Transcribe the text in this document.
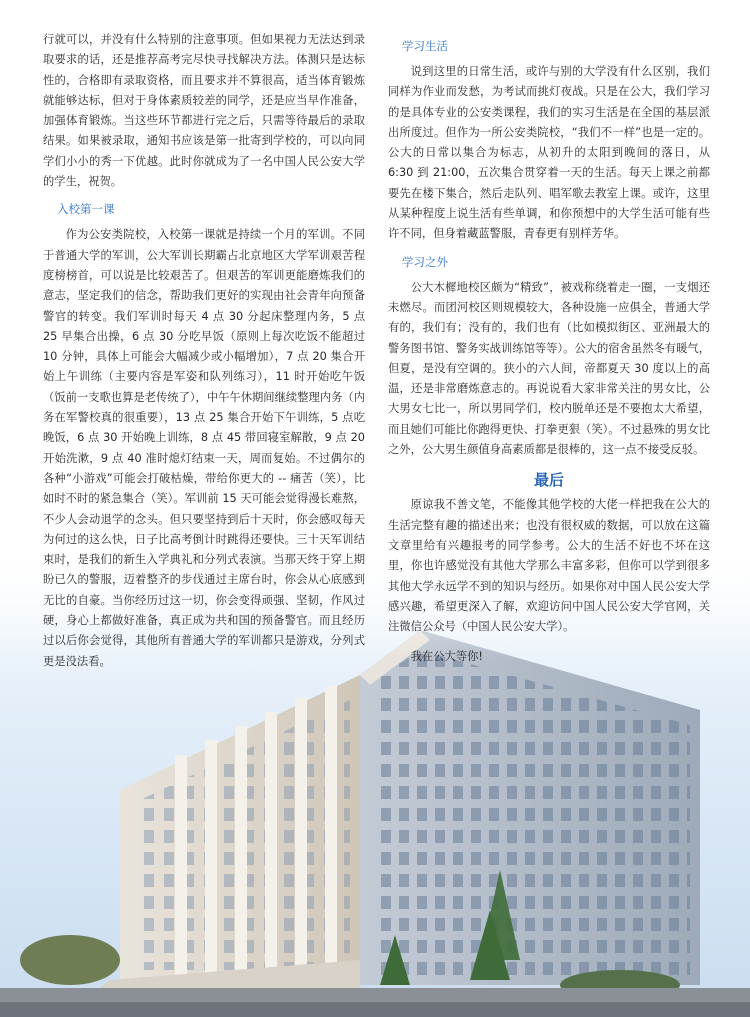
行就可以，并没有什么特别的注意事项。但如果视力无法达到录取要求的话，还是推荐高考完尽快寻找解决方法。体测只是达标性的，合格即有录取资格，而且要求并不算很高，适当体育锻炼就能够达标，但对于身体素质较差的同学，还是应当早作准备，加强体育锻炼。当这些环节都进行完之后，只需等待最后的录取结果。如果被录取，通知书应该是第一批寄到学校的，可以向同学们小小的秀一下优越。此时你就成为了一名中国人民公安大学的学生，祝贺。

入校第一课

作为公安类院校，入校第一课就是持续一个月的军训。不同于普通大学的军训，公大军训长期霸占北京地区大学军训艰苦程度榜榜首，可以说是比较艰苦了。但艰苦的军训更能磨炼我们的意志，坚定我们的信念，帮助我们更好的实现由社会青年向预备警官的转变。我们军训时每天 4 点 30 分起床整理内务，5 点 25 早集合出操，6 点 30 分吃早饭（原则上每次吃饭不能超过 10 分钟，具体上可能会大幅减少或小幅增加），7 点 20 集合开始上午训练（主要内容是军姿和队列练习），11 时开始吃午饭（饭前一支歌也算是老传统了），中午午休期间继续整理内务（内务在军警校真的很重要），13 点 25 集合开始下午训练，5 点吃晚饭，6 点 30 开始晚上训练，8 点 45 带回寝室解散，9 点 20 开始洗漱，9 点 40 准时熄灯结束一天，周而复始。不过偶尔的各种“小游戏”可能会打破枯燥，带给你更大的 -- 痛苦（笑），比如时不时的紧急集合（笑）。军训前 15 天可能会觉得漫长难熬，不少人会动退学的念头。但只要坚持到后十天时，你会感叹每天为何过的这么快，日子比高考倒计时跳得还要快。三十天军训结束时，是我们的新生入学典礼和分列式表演。当那天终于穿上期盼已久的警服，迈着整齐的步伐通过主席台时，你会从心底感到无比的自豪。当你经历过这一切，你会变得顽强、坚韧，作风过硬，身心上都做好准备，真正成为共和国的预备警官。而且经历过以后你会觉得，其他所有普通大学的军训都只是游戏，分列式更是没法看。

学习生活

说到这里的日常生活，或许与别的大学没有什么区别，我们同样为作业而发愁，为考试而挑灯夜战。只是在公大，我们学习的是具体专业的公安类课程，我们的实习生活是在全国的基层派出所度过。但作为一所公安类院校，“我们不一样”也是一定的。公大的日常以集合为标志，从初升的太阳到晚间的落日，从 6:30 到 21:00，五次集合贯穿着一天的生活。每天上课之前都要先在楼下集合，然后走队列、唱军歌去教室上课。或许，这里从某种程度上说生活有些单调，和你预想中的大学生活可能有些许不同，但身着藏蓝警服，青春更有别样芳华。

学习之外

公大木樨地校区颇为“精致”，被戏称绕着走一圈，一支烟还未燃尽。而团河校区则规模较大，各种设施一应俱全，普通大学有的，我们有；没有的，我们也有（比如模拟街区、亚洲最大的警务图书馆、警务实战训练馆等等）。公大的宿舍虽然冬有暖气，但夏，是没有空调的。狭小的六人间，帝都夏天 30 度以上的高温，还是非常磨炼意志的。再说说看大家非常关注的男女比，公大男女七比一，所以男同学们，校内脱单还是不要抱太大希望，而且她们可能比你跑得更快、打拳更狠（笑）。不过悬殊的男女比之外，公大男生颜值身高素质都是很棒的，这一点不接受反驳。

最后

原谅我不善文笔，不能像其他学校的大佬一样把我在公大的生活完整有趣的描述出来；也没有很权威的数据，可以放在这篇文章里给有兴趣报考的同学参考。公大的生活不好也不坏在这里，你也许感觉没有其他大学那么丰富多彩，但你可以学到很多其他大学永远学不到的知识与经历。如果你对中国人民公安大学感兴趣，希望更深入了解，欢迎访问中国人民公安大学官网，关注微信公众号（中国人民公安大学）。

我在公大等你!
